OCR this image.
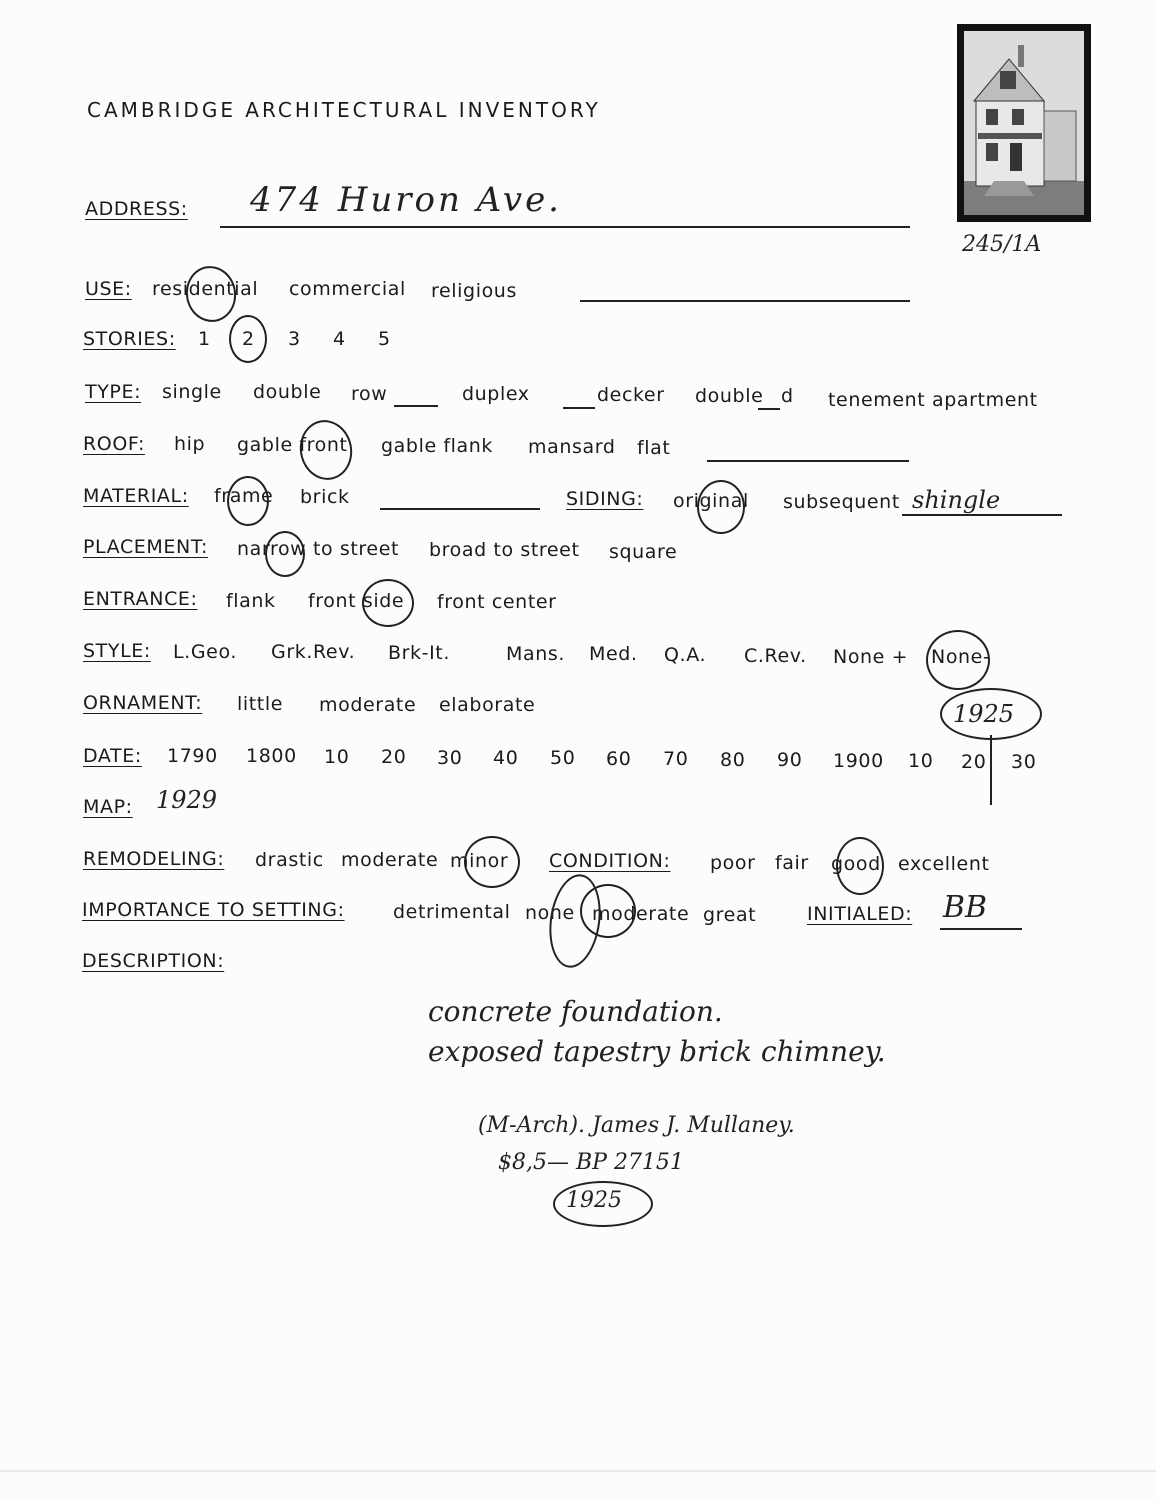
CAMBRIDGE ARCHITECTURAL INVENTORY
245/1A
ADDRESS: 474 Huron Ave.
USE: residential commercial religious
STORIES: 1 2 3 4 5
TYPE: single double row	duplex	decker double d tenement apartment
ROOF: hip gable front gable flank mansard flat
MATERIAL: frame brick	SIDING: original subsequent shingle
PLACEMENT: narrow to street broad to street square
ENTRANCE: flank front side front center
STYLE: L.Geo. Grk.Rev. Brk-It.	Mans. Med. Q.A. C.Rev. None + None-
ORNAMENT: little moderate elaborate
DATE: 1790 1800 10 20 30 40 50 60 70 80 90 1900 10 20 30
1925
MAP: 1929
REMODELING: drastic moderate minor CONDITION: poor fair good excellent
IMPORTANCE TO SETTING:	detrimental none moderate great	INITIALED: BB
DESCRIPTION:
concrete foundation.
exposed tapestry brick chimney.
(M-Arch). James J. Mullaney.
$8,5— BP 27151
1925
